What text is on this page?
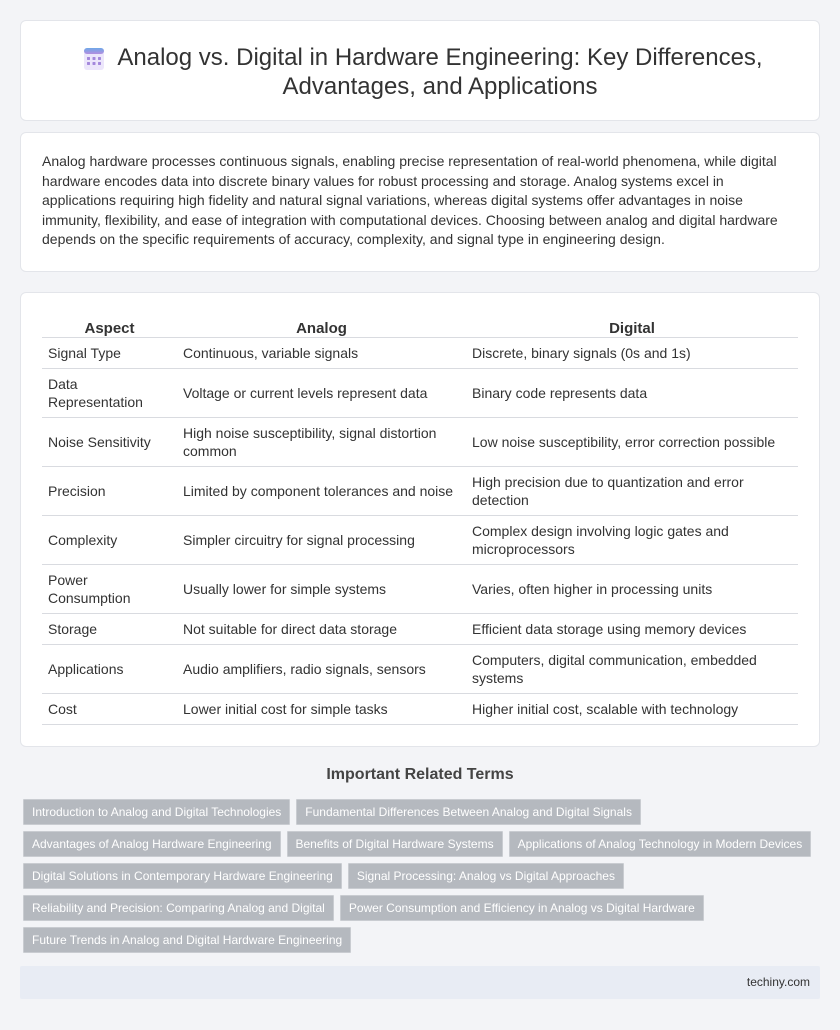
Analog vs. Digital in Hardware Engineering: Key Differences, Advantages, and Applications

Analog hardware processes continuous signals, enabling precise representation of real-world phenomena, while digital hardware encodes data into discrete binary values for robust processing and storage. Analog systems excel in applications requiring high fidelity and natural signal variations, whereas digital systems offer advantages in noise immunity, flexibility, and ease of integration with computational devices. Choosing between analog and digital hardware depends on the specific requirements of accuracy, complexity, and signal type in engineering design.

Aspect	Analog	Digital
Signal Type	Continuous, variable signals	Discrete, binary signals (0s and 1s)
Data Representation	Voltage or current levels represent data	Binary code represents data
Noise Sensitivity	High noise susceptibility, signal distortion common	Low noise susceptibility, error correction possible
Precision	Limited by component tolerances and noise	High precision due to quantization and error detection
Complexity	Simpler circuitry for signal processing	Complex design involving logic gates and microprocessors
Power Consumption	Usually lower for simple systems	Varies, often higher in processing units
Storage	Not suitable for direct data storage	Efficient data storage using memory devices
Applications	Audio amplifiers, radio signals, sensors	Computers, digital communication, embedded systems
Cost	Lower initial cost for simple tasks	Higher initial cost, scalable with technology
Important Related Terms
Introduction to Analog and Digital Technologies Fundamental Differences Between Analog and Digital Signals
Advantages of Analog Hardware Engineering Benefits of Digital Hardware Systems Applications of Analog Technology in Modern Devices
Digital Solutions in Contemporary Hardware Engineering Signal Processing: Analog vs Digital Approaches
Reliability and Precision: Comparing Analog and Digital Power Consumption and Efficiency in Analog vs Digital Hardware
Future Trends in Analog and Digital Hardware Engineering
techiny.com
